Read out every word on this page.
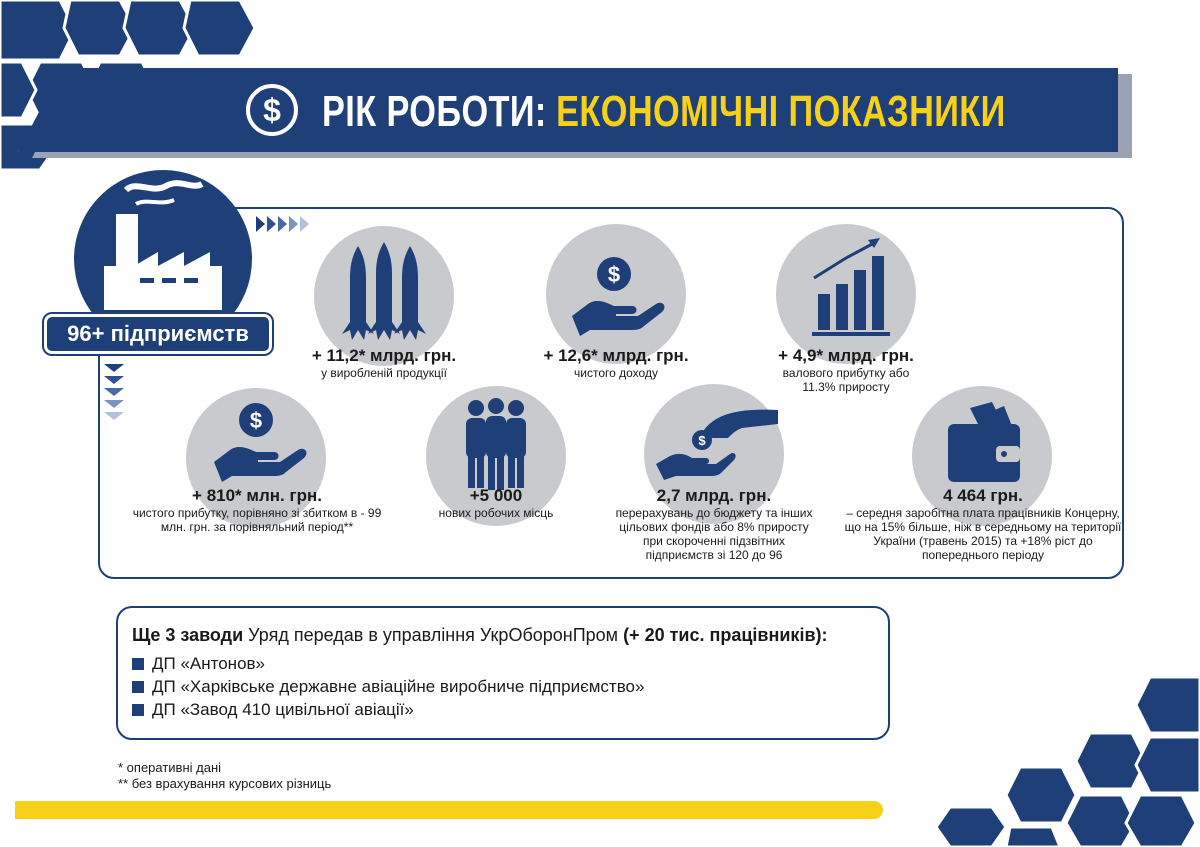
$ РІК РОБОТИ: ЕКОНОМІЧНІ ПОКАЗНИКИ
96+ підприємств
$
$
$
+ 11,2* млрд. грн.
у виробленій продукції
+ 12,6* млрд. грн.
чистого доходу
+ 4,9* млрд. грн.
валового прибутку або 11.3% приросту
+ 810* млн. грн.
чистого прибутку, порівняно зі збитком в - 99 млн. грн. за порівняльний період**
+5 000
нових робочих місць
2,7 млрд. грн.
перерахувань до бюджету та інших цільових фондів або 8% приросту при скороченні підзвітних підприємств зі 120 до 96
4 464 грн.
– середня заробітна плата працівників Концерну, що на 15% більше, ніж в середньому на території України (травень 2015) та +18% ріст до попереднього періоду
Ще 3 заводи Уряд передав в управління УкрОборонПром (+ 20 тис. працівників):
ДП «Антонов»
ДП «Харківське державне авіаційне виробниче підприємство»
ДП «Завод 410 цивільної авіації»
* оперативні дані
** без врахування курсових різниць
